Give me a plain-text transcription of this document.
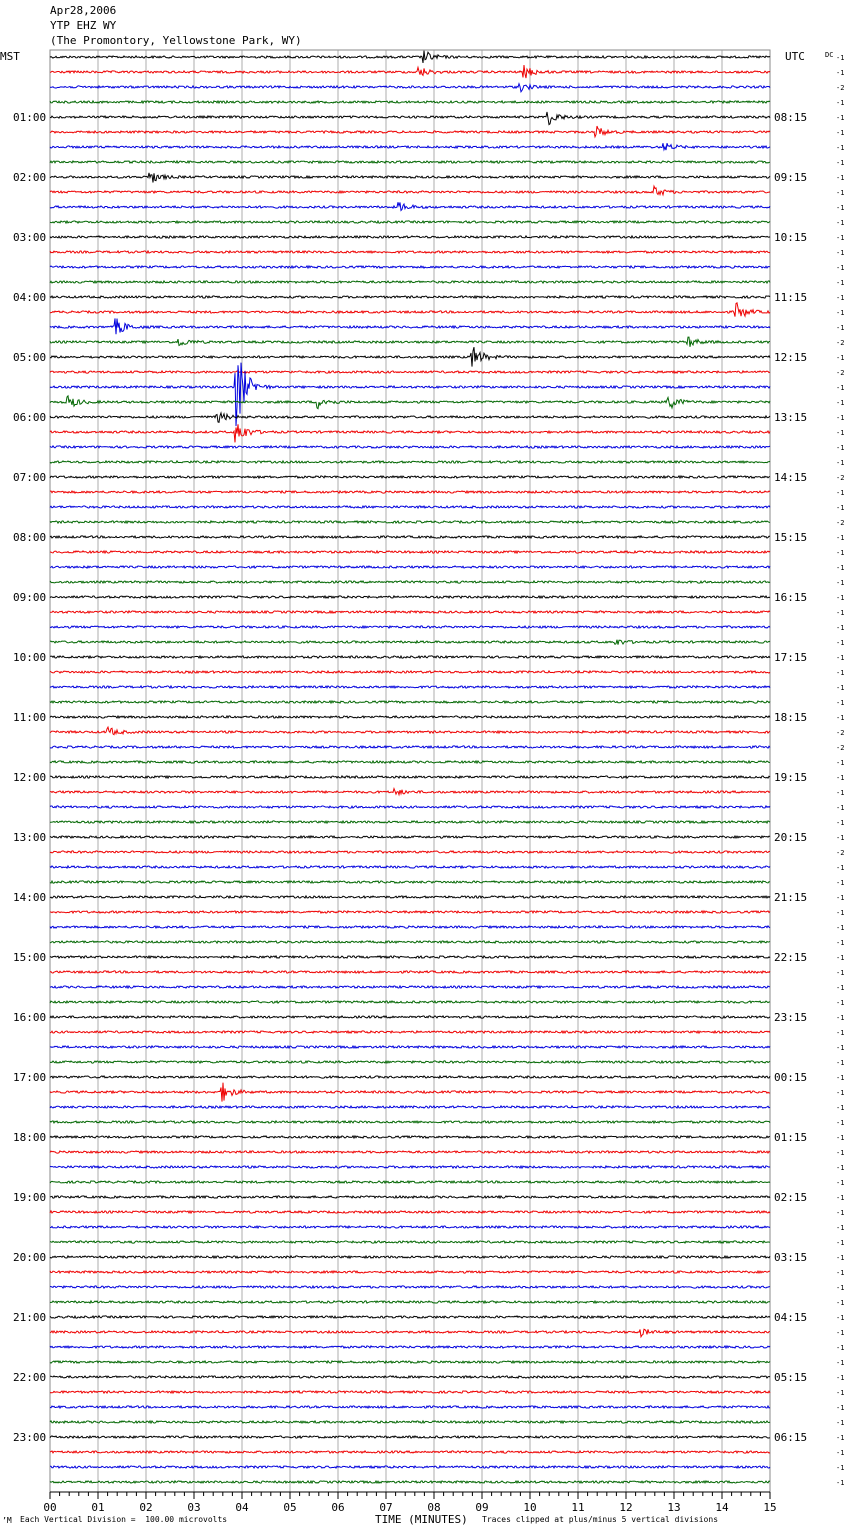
Apr28,2006
YTP EHZ WY
(The Promontory, Yellowstone Park, WY)
00	01	02	03	04	05	06	07	08	09	10	11	12	13	14	15
-1
-1
-2
-1
-1
-1
-1
-1
-1
-1
-1
-1
-1
-1
-1
-1
-1
-1
-1
-2
-1
-2
-1
-1
-1
-1
-1
-1
-2
-1
-1
-2
-1
-1
-1
-1
-1
-1
-1
-1
-1
-1
-1
-1
-1
-2
-2
-1
-1
-1
-1
-1
-1
-2
-1
-1
-1
-1
-1
-1
-1
-1
-1
-1
-1
-1
-1
-1
-1
-1
-1
-1
-1
-1
-1
-1
-1
-1
-1
-1
-1
-1
-1
-1
-1
-1
-1
-1
-1
-1
-1
-1
-1
-1
-1
-1
01:00	08:15
02:00	09:15
03:00	10:15
04:00	11:15
05:00	12:15
06:00	13:15
07:00	14:15
08:00	15:15
09:00	16:15
10:00	17:15
11:00	18:15
12:00	19:15
13:00	20:15
14:00	21:15
15:00	22:15
16:00	23:15
17:00	00:15
18:00	01:15
19:00	02:15
20:00	03:15
21:00	04:15
22:00	05:15
23:00	06:15
MST	UTC	DC
TIME (MINUTES)
’M Each Vertical Division =  100.00 microvolts	Traces clipped at plus/minus 5 vertical divisions
